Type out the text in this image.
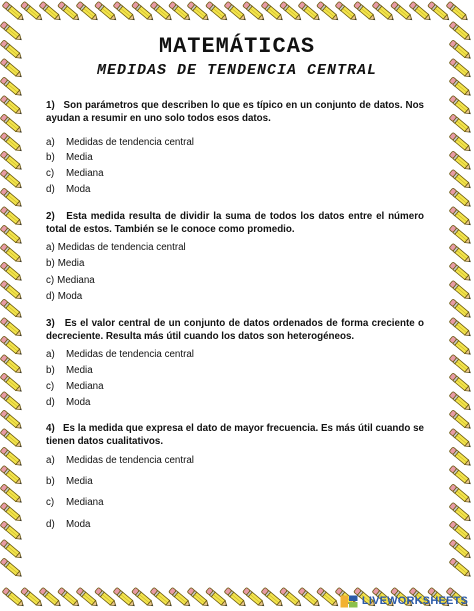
MATEMÁTICAS
MEDIDAS DE TENDENCIA CENTRAL

1) Son parámetros que describen lo que es típico en un conjunto de datos. Nos ayudan a resumir en uno solo todos esos datos.

a) Medidas de tendencia central
b) Media
c) Mediana
d) Moda

2) Esta medida resulta de dividir la suma de todos los datos entre el número total de estos. También se le conoce como promedio.

a) Medidas de tendencia central
b) Media
c) Mediana
d) Moda

3) Es el valor central de un conjunto de datos ordenados de forma creciente o decreciente. Resulta más útil cuando los datos son heterogéneos.

a) Medidas de tendencia central
b) Media
c) Mediana
d) Moda

4) Es la medida que expresa el dato de mayor frecuencia. Es más útil cuando se tienen datos cualitativos.

a) Medidas de tendencia central
b) Media
c) Mediana
d) Moda
LIVEWORKSHEETS
